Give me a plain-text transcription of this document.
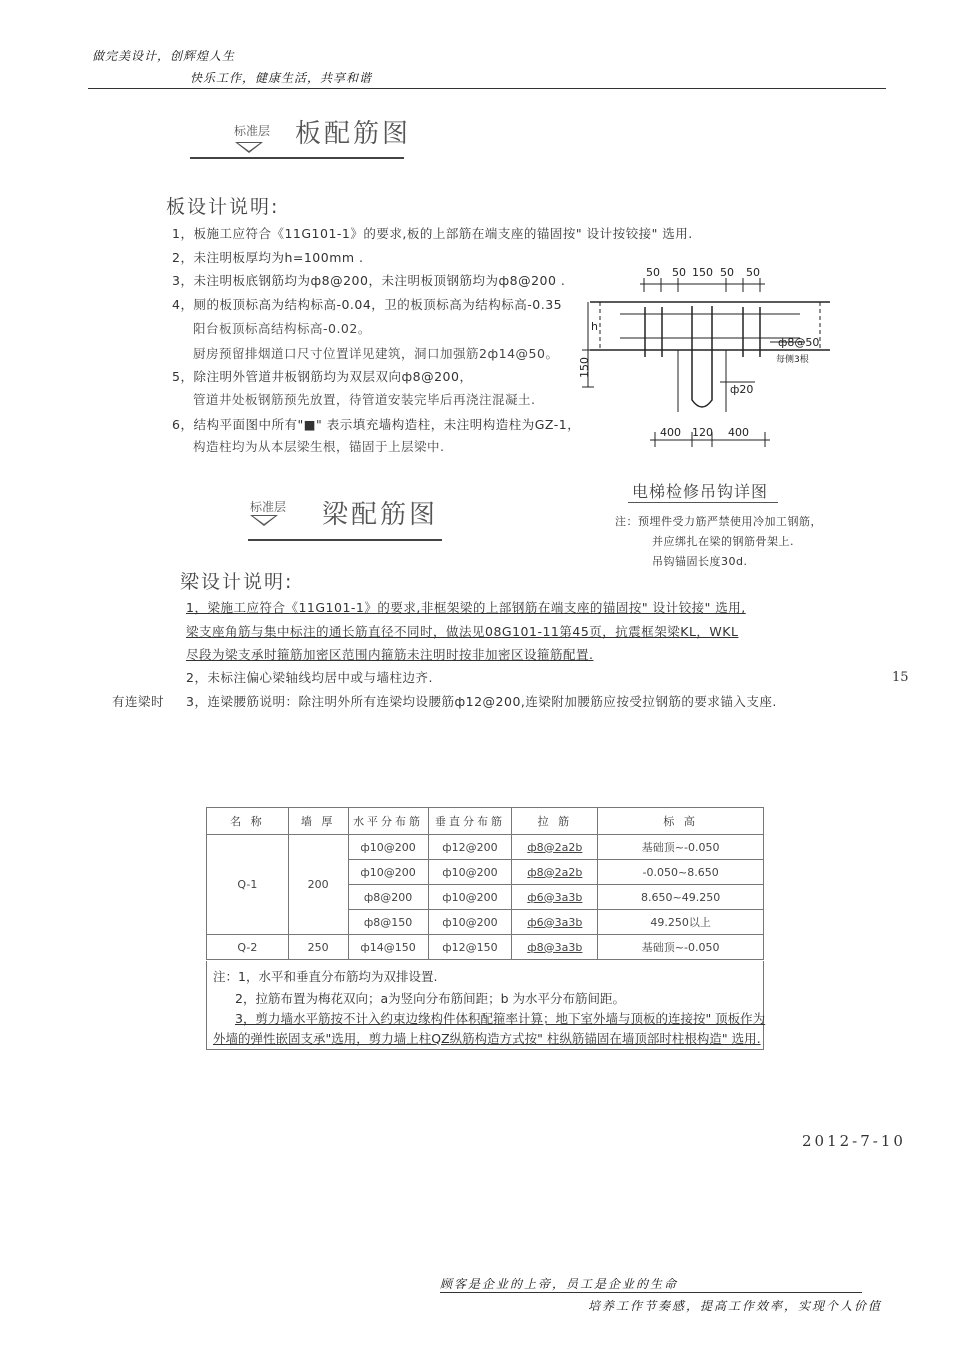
做完美设计，创辉煌人生
快乐工作，健康生活，共享和谐
标准层 板配筋图
板设计说明:
1，板施工应符合《11G101-1》的要求,板的上部筋在端支座的锚固按" 设计按铰接" 选用.
2，未注明板厚均为h=100mm .
3，未注明板底钢筋均为ф8@200，未注明板顶钢筋均为ф8@200 .
4，厕的板顶标高为结构标高-0.04，卫的板顶标高为结构标高-0.35
阳台板顶标高结构标高-0.02。
厨房预留排烟道口尺寸位置详见建筑，洞口加强筋2ф14@50。
5，除注明外管道井板钢筋均为双层双向ф8@200，
管道井处板钢筋预先放置，待管道安装完毕后再浇注混凝土.
6，结构平面图中所有"■" 表示填充墙构造柱，未注明构造柱为GZ-1，
构造柱均为从本层梁生根，锚固于上层梁中.
50 50 150 50 50
h
150
ф8@50
每侧3根
ф20
400 120 400
电梯检修吊钩详图
注：预埋件受力筋严禁使用冷加工钢筋，
并应绑扎在梁的钢筋骨架上.
吊钩锚固长度30d.
标准层 梁配筋图
梁设计说明:
1，梁施工应符合《11G101-1》的要求,非框架梁的上部钢筋在端支座的锚固按" 设计铰接" 选用,
梁支座角筋与集中标注的通长筋直径不同时，做法见08G101-11第45页，抗震框架梁KL，WKL
尽段为梁支承时箍筋加密区范围内箍筋未注明时按非加密区设箍筋配置.
2，未标注偏心梁轴线均居中或与墙柱边齐.
有连梁时 3，连梁腰筋说明：除注明外所有连梁均设腰筋ф12@200,连梁附加腰筋应按受拉钢筋的要求锚入支座.
15
名 称	墙 厚	水平分布筋	垂直分布筋	拉 筋	标 高
Q-1	200	ф10@200	ф12@200	ф8@2a2b	基础顶~-0.050
		ф10@200	ф10@200	ф8@2a2b	-0.050~8.650
		ф8@200	ф10@200	ф6@3a3b	8.650~49.250
		ф8@150	ф10@200	ф6@3a3b	49.250以上
Q-2	250	ф14@150	ф12@150	ф8@3a3b	基础顶~-0.050
注：1，水平和垂直分布筋均为双排设置.
2，拉筋布置为梅花双向；a为竖向分布筋间距；b 为水平分布筋间距。
3，剪力墙水平筋按不计入约束边缘构件体积配箍率计算；地下室外墙与顶板的连接按" 顶板作为
外墙的弹性嵌固支承"选用，剪力墙上柱QZ纵筋构造方式按" 柱纵筋锚固在墙顶部时柱根构造" 选用.
2012-7-10
顾客是企业的上帝，员工是企业的生命
培养工作节奏感，提高工作效率，实现个人价值
